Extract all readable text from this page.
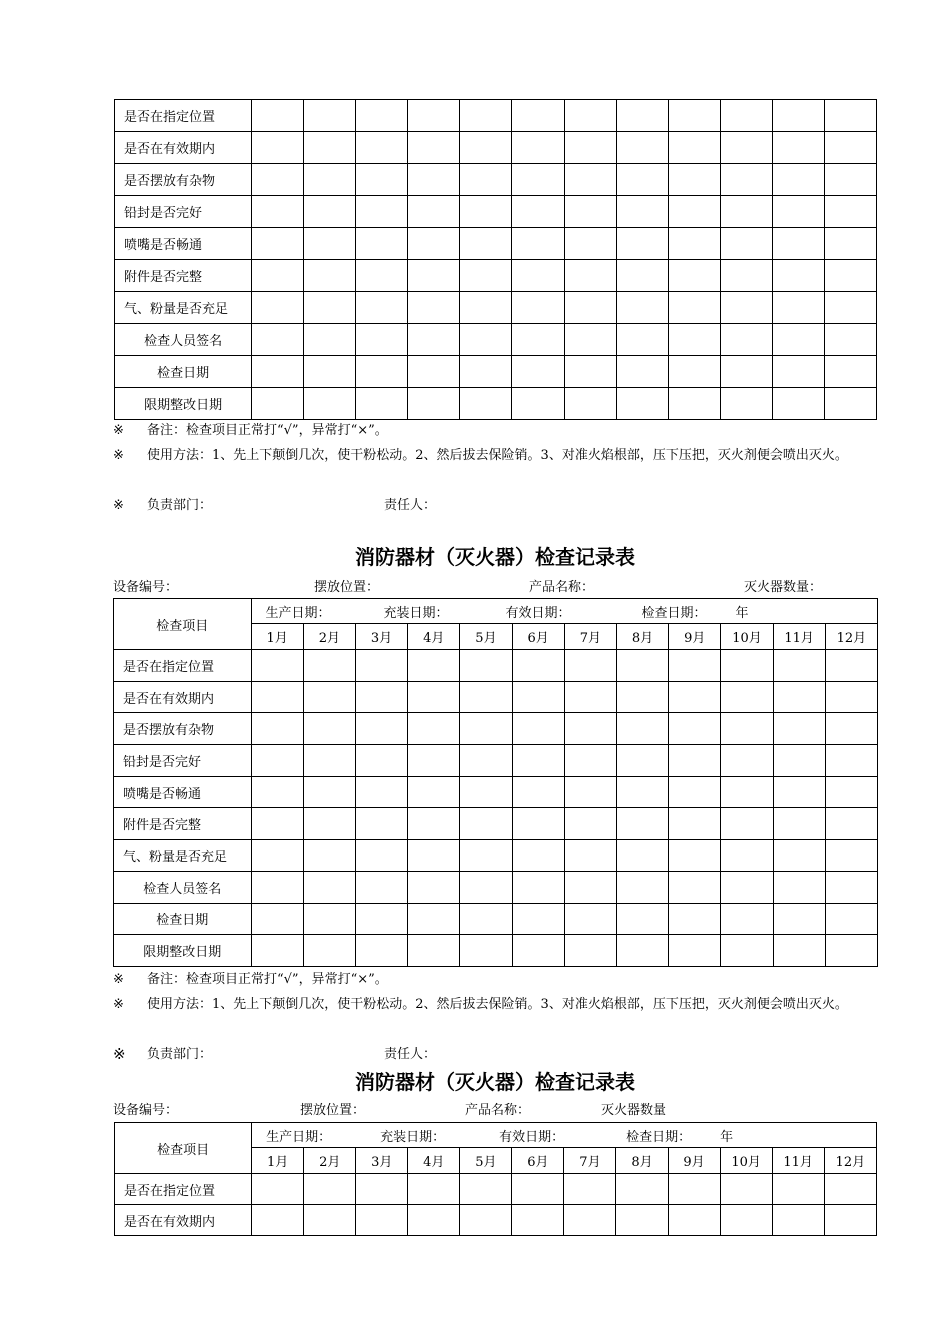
是否在指定位置												
是否在有效期内												
是否摆放有杂物												
铅封是否完好												
喷嘴是否畅通												
附件是否完整												
气、粉量是否充足												
检查人员签名												
检查日期												
限期整改日期												
※ 备注：检查项目正常打“√”，异常打“×”。
※ 使用方法：1、先上下颠倒几次，使干粉松动。2、然后拔去保险销。3、对准火焰根部，压下压把，灭火剂便会喷出灭火。
※ 负责部门：	责任人：
消防器材（灭火器）检查记录表
设备编号：	摆放位置：	产品名称：	灭火器数量：
检查项目	生产日期： 充装日期： 有效日期： 检查日期： 年											
	1月	2月	3月	4月	5月	6月	7月	8月	9月	10月	11月	12月
是否在指定位置												
是否在有效期内												
是否摆放有杂物												
铅封是否完好												
喷嘴是否畅通												
附件是否完整												
气、粉量是否充足												
检查人员签名												
检查日期												
限期整改日期												
※ 备注：检查项目正常打“√”，异常打“×”。
※ 使用方法：1、先上下颠倒几次，使干粉松动。2、然后拔去保险销。3、对准火焰根部，压下压把，灭火剂便会喷出灭火。
※ 负责部门：	责任人：
消防器材（灭火器）检查记录表
设备编号：	摆放位置：	产品名称：	灭火器数量
检查项目	生产日期： 充装日期： 有效日期： 检查日期： 年											
	1月	2月	3月	4月	5月	6月	7月	8月	9月	10月	11月	12月
是否在指定位置												
是否在有效期内												
